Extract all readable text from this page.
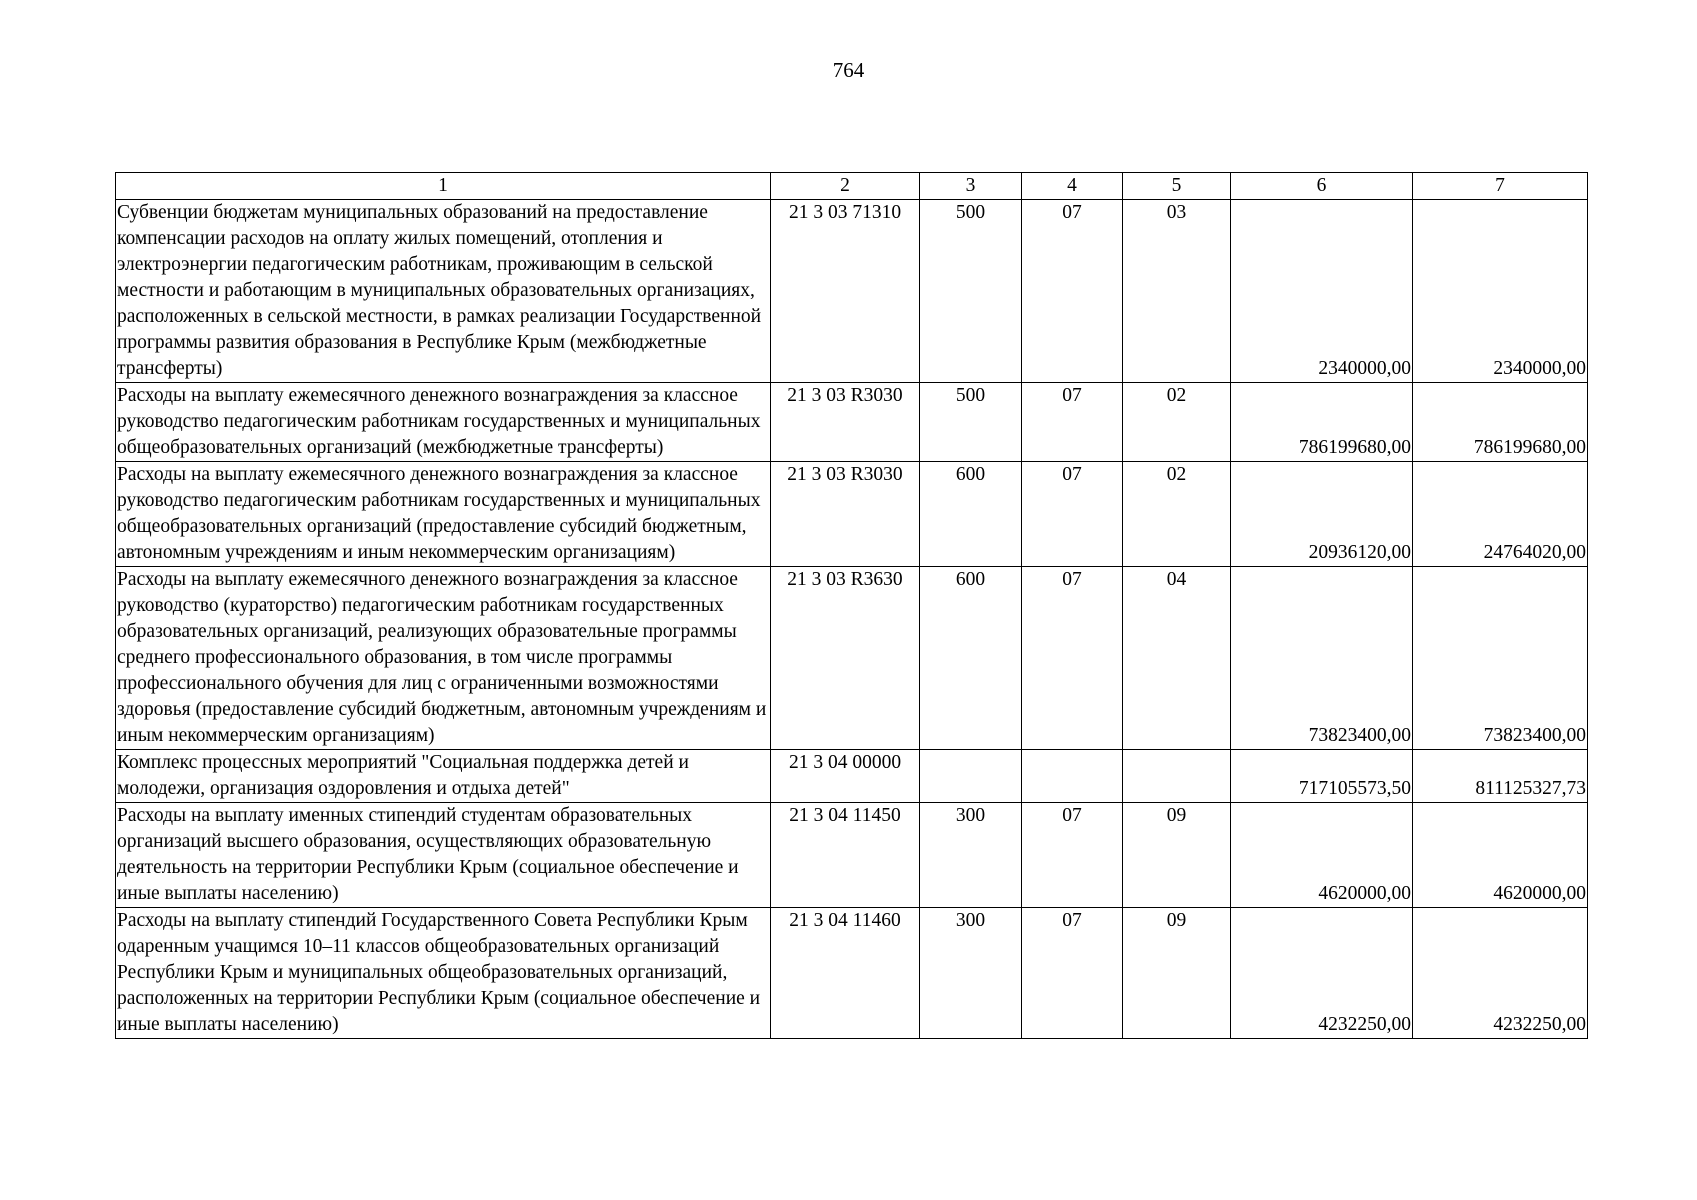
764
1	2	3	4	5	6	7
Субвенции бюджетам муниципальных образований на предоставление компенсации расходов на оплату жилых помещений, отопления и электроэнергии педагогическим работникам, проживающим в сельской местности и работающим в муниципальных образовательных организациях, расположенных в сельской местности, в рамках реализации Государственной программы развития образования в Республике Крым (межбюджетные трансферты)	21 3 03 71310	500	07	03	2340000,00	2340000,00
Расходы на выплату ежемесячного денежного вознаграждения за классное руководство педагогическим работникам государственных и муниципальных общеобразовательных организаций (межбюджетные трансферты)	21 3 03 R3030	500	07	02	786199680,00	786199680,00
Расходы на выплату ежемесячного денежного вознаграждения за классное руководство педагогическим работникам государственных и муниципальных общеобразовательных организаций (предоставление субсидий бюджетным, автономным учреждениям и иным некоммерческим организациям)	21 3 03 R3030	600	07	02	20936120,00	24764020,00
Расходы на выплату ежемесячного денежного вознаграждения за классное руководство (кураторство) педагогическим работникам государственных образовательных организаций, реализующих образовательные программы среднего профессионального образования, в том числе программы профессионального обучения для лиц с ограниченными возможностями здоровья (предоставление субсидий бюджетным, автономным учреждениям и иным некоммерческим организациям)	21 3 03 R3630	600	07	04	73823400,00	73823400,00
Комплекс процессных мероприятий "Социальная поддержка детей и молодежи, организация оздоровления и отдыха детей"	21 3 04 00000				717105573,50	811125327,73
Расходы на выплату именных стипендий студентам образовательных организаций высшего образования, осуществляющих образовательную деятельность на территории Республики Крым (социальное обеспечение и иные выплаты населению)	21 3 04 11450	300	07	09	4620000,00	4620000,00
Расходы на выплату стипендий Государственного Совета Республики Крым одаренным учащимся 10–11 классов общеобразовательных организаций Республики Крым и муниципальных общеобразовательных организаций, расположенных на территории Республики Крым (социальное обеспечение и иные выплаты населению)	21 3 04 11460	300	07	09	4232250,00	4232250,00
